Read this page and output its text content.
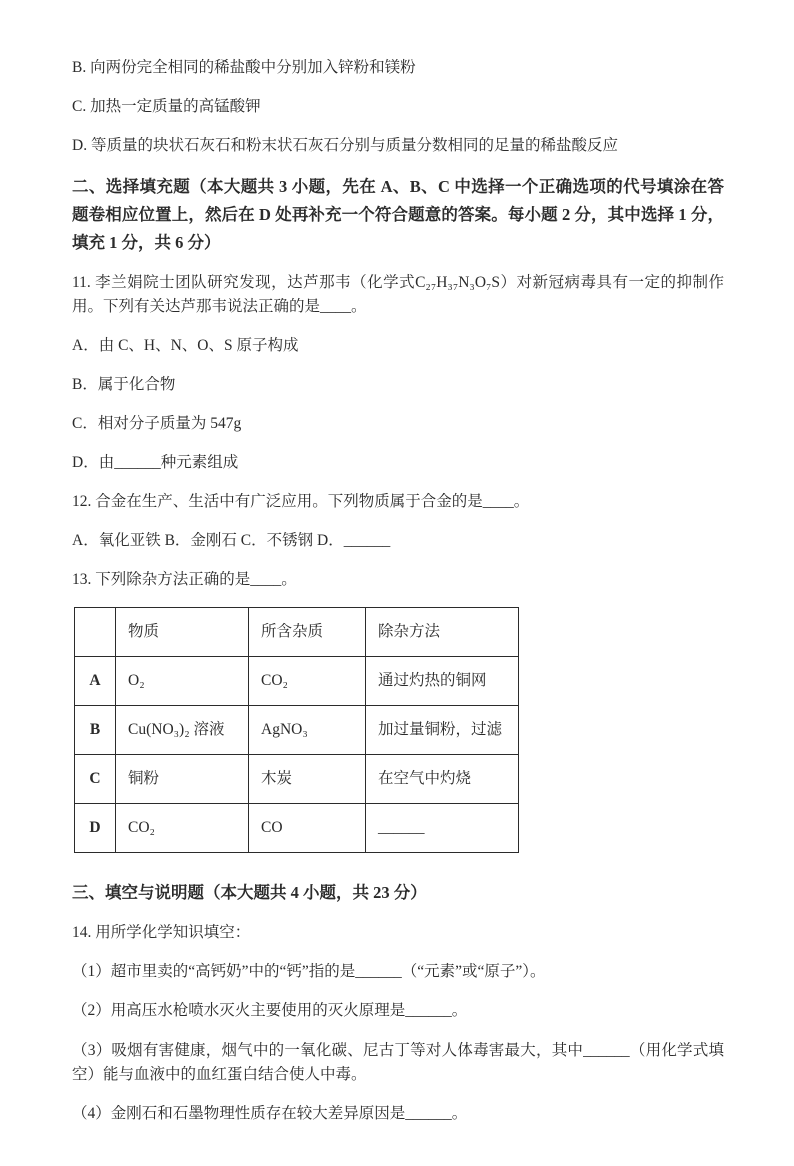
B. 向两份完全相同的稀盐酸中分别加入锌粉和镁粉

C. 加热一定质量的高锰酸钾

D. 等质量的块状石灰石和粉末状石灰石分别与质量分数相同的足量的稀盐酸反应

二、选择填充题（本大题共 3 小题，先在 A、B、C 中选择一个正确选项的代号填涂在答题卷相应位置上，然后在 D 处再补充一个符合题意的答案。每小题 2 分，其中选择 1 分，填充 1 分，共 6 分）

11. 李兰娟院士团队研究发现，达芦那韦（化学式C₂₇H₃₇N₃O₇S）对新冠病毒具有一定的抑制作用。下列有关达芦那韦说法正确的是____。

A．由 C、H、N、O、S 原子构成

B．属于化合物

C．相对分子质量为 547g

D．由______种元素组成

12. 合金在生产、生活中有广泛应用。下列物质属于合金的是____。

A．氧化亚铁 B．金刚石 C．不锈钢 D．______

13. 下列除杂方法正确的是____。

	物质	所含杂质	除杂方法
A	O₂	CO₂	通过灼热的铜网
B	Cu(NO₃)₂ 溶液	AgNO₃	加过量铜粉，过滤
C	铜粉	木炭	在空气中灼烧
D	CO₂	CO	______

三、填空与说明题（本大题共 4 小题，共 23 分）

14. 用所学化学知识填空：

（1）超市里卖的“高钙奶”中的“钙”指的是______（“元素”或“原子”）。

（2）用高压水枪喷水灭火主要使用的灭火原理是______。

（3）吸烟有害健康，烟气中的一氧化碳、尼古丁等对人体毒害最大，其中______（用化学式填空）能与血液中的血红蛋白结合使人中毒。

（4）金刚石和石墨物理性质存在较大差异原因是______。
